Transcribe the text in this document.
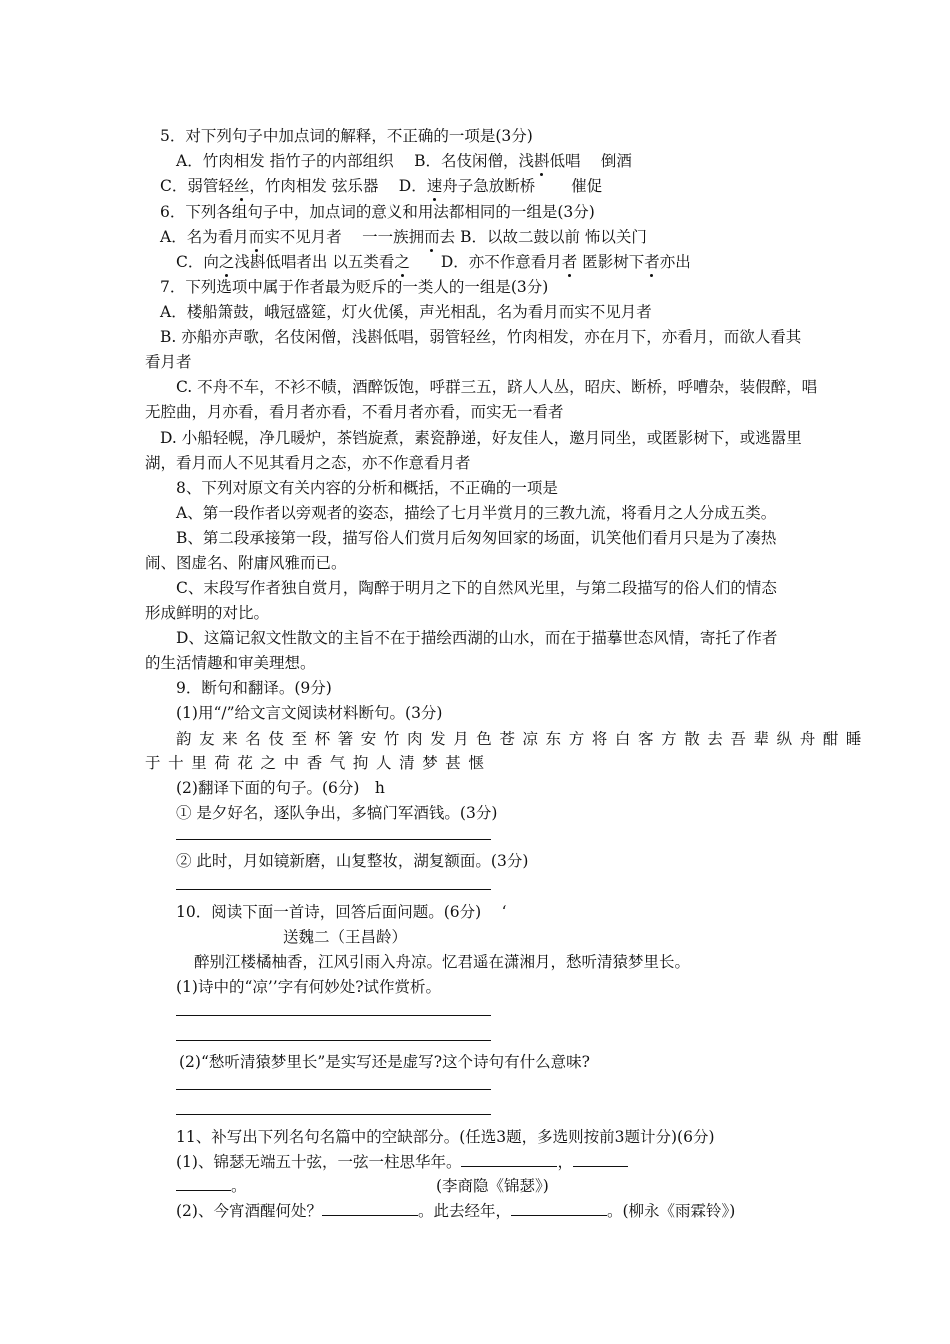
5．对下列句子中加点词的解释，不正确的一项是(3分)
A．竹肉相发 指竹子的内部组织　 B．名伎闲僧，浅斟低唱　 倒酒
C．弱管轻丝，竹肉相发 弦乐器　 D．速舟子急放断桥　　 催促
6．下列各组句子中，加点词的意义和用法都相同的一组是(3分)
A．名为看月而实不见月者　 一一族拥而去 B．以故二鼓以前 怖以关门
C．向之浅斟低唱者出 以五类看之　　D．亦不作意看月者 匿影树下者亦出
7．下列选项中属于作者最为贬斥的一类人的一组是(3分)
A．楼船箫鼓，峨冠盛筵，灯火优傒，声光相乱，名为看月而实不见月者
B. 亦船亦声歌，名伎闲僧，浅斟低唱，弱管轻丝，竹肉相发，亦在月下，亦看月，而欲人看其
看月者
C. 不舟不车，不衫不帻，酒醉饭饱，呼群三五，跻人人丛，昭庆、断桥，呼嘈杂，装假醉，唱
无腔曲，月亦看，看月者亦看，不看月者亦看，而实无一看者
D. 小船轻幌，净几暖炉，茶铛旋煮，素瓷静递，好友佳人，邀月同坐，或匿影树下，或逃嚣里
湖，看月而人不见其看月之态，亦不作意看月者
8、下列对原文有关内容的分析和概括，不正确的一项是
A、第一段作者以旁观者的姿态，描绘了七月半赏月的三教九流，将看月之人分成五类。
B、第二段承接第一段，描写俗人们赏月后匆匆回家的场面，讥笑他们看月只是为了凑热
闹、图虚名、附庸风雅而已。
C、末段写作者独自赏月，陶醉于明月之下的自然风光里，与第二段描写的俗人们的情态
形成鲜明的对比。
D、这篇记叙文性散文的主旨不在于描绘西湖的山水，而在于描摹世态风情，寄托了作者
的生活情趣和审美理想。
9．断句和翻译。(9分)
(1)用“/”给文言文阅读材料断句。(3分)
韵友来名伎至杯箸安竹肉发月色苍凉东方将白客方散去吾辈纵舟酣睡
于十里荷花之中香气拘人清梦甚惬
(2)翻译下面的句子。(6分)　h
① 是夕好名，逐队争出，多犒门军酒钱。(3分)
② 此时，月如镜新磨，山复整妆，湖复额面。(3分)
10．阅读下面一首诗，回答后面问题。(6分)　 ‘
送魏二（王昌龄）
醉别江楼橘柚香，江风引雨入舟凉。忆君遥在潇湘月，愁听清猿梦里长。
(1)诗中的“凉’’字有何妙处?试作赏析。
(2)“愁听清猿梦里长”是实写还是虚写?这个诗句有什么意味?
11、补写出下列名句名篇中的空缺部分。(任选3题，多选则按前3题计分)(6分)
(1)、锦瑟无端五十弦，一弦一柱思华年。	，
。	(李商隐《锦瑟》)
(2)、今宵酒醒何处？	。此去经年，	。(柳永《雨霖铃》)
